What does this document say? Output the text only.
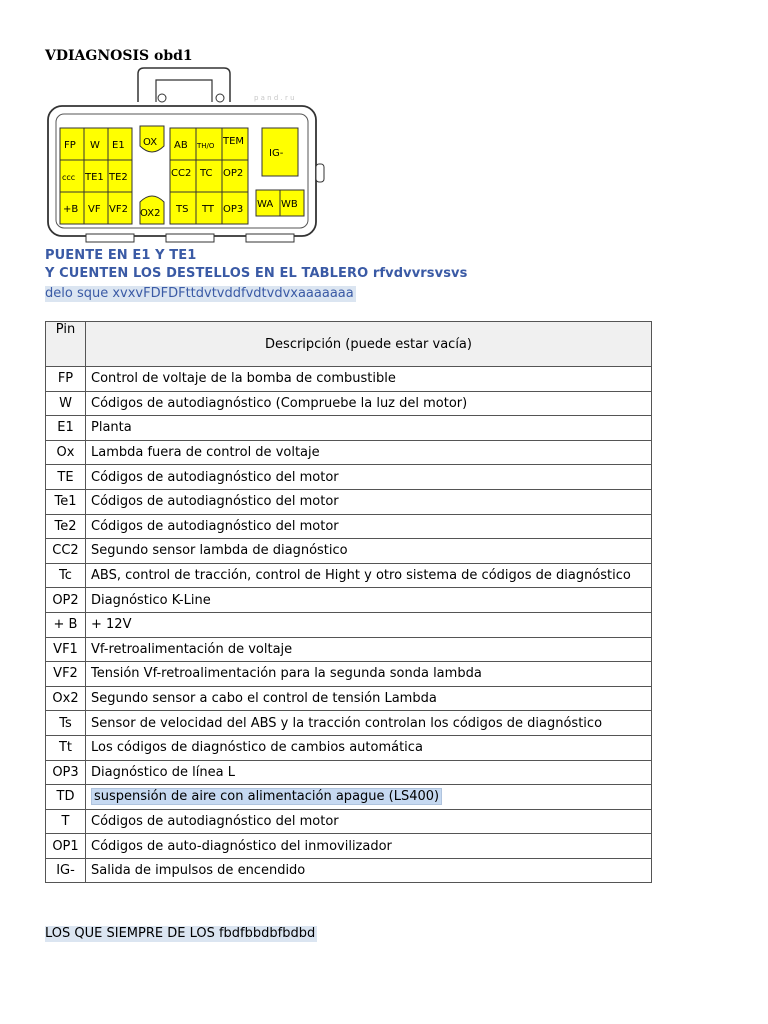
VDIAGNOSIS obd1
p a n d . r u
FP W E1
ccc TE1 TE2
+B VF VF2
OX
OX2
AB TH/O TEM
CC2 TC OP2
TS TT OP3
IG-
WA WB
PUENTE EN E1 Y TE1
Y CUENTEN LOS DESTELLOS EN EL TABLERO rfvdvvrsvsvs
delo sque xvxvFDFDFttdvtvddfvdtvdvxaaaaaaa
Pin	Descripción (puede estar vacía)
FP	Control de voltaje de la bomba de combustible
W	Códigos de autodiagnóstico (Compruebe la luz del motor)
E1	Planta
Ox	Lambda fuera de control de voltaje
TE	Códigos de autodiagnóstico del motor
Te1	Códigos de autodiagnóstico del motor
Te2	Códigos de autodiagnóstico del motor
CC2	Segundo sensor lambda de diagnóstico
Tc	ABS, control de tracción, control de Hight y otro sistema de códigos de diagnóstico
OP2	Diagnóstico K-Line
+ B	+ 12V
VF1	Vf-retroalimentación de voltaje
VF2	Tensión Vf-retroalimentación para la segunda sonda lambda
Ox2	Segundo sensor a cabo el control de tensión Lambda
Ts	Sensor de velocidad del ABS y la tracción controlan los códigos de diagnóstico
Tt	Los códigos de diagnóstico de cambios automática
OP3	Diagnóstico de línea L
TD	suspensión de aire con alimentación apague (LS400)
T	Códigos de autodiagnóstico del motor
OP1	Códigos de auto-diagnóstico del inmovilizador
IG-	Salida de impulsos de encendido
LOS QUE SIEMPRE DE LOS fbdfbbdbfbdbd
